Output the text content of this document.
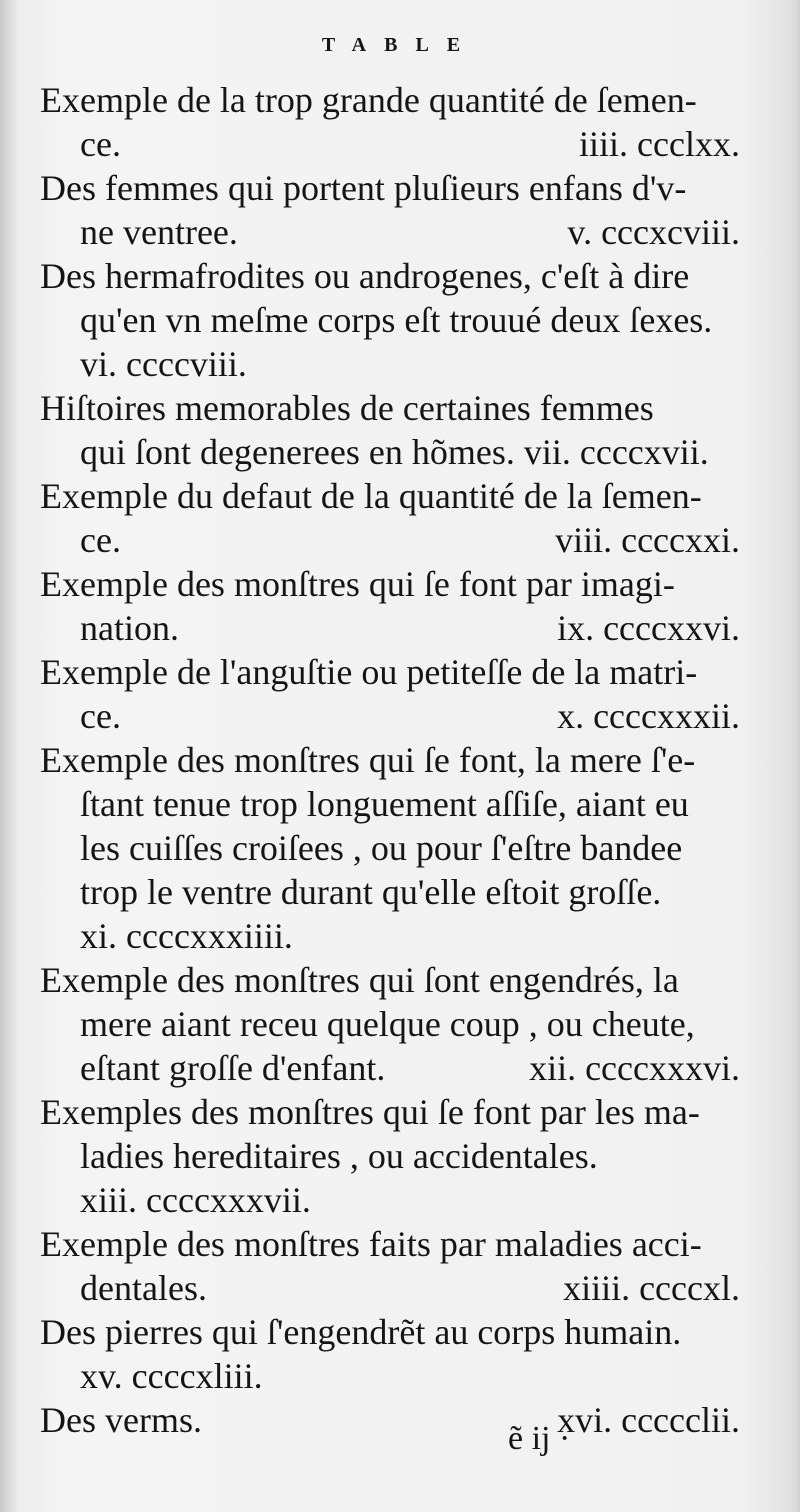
TABLE
Exemple de la trop grande quantité de ſemen-
ce.	iiii. ccclxx.
Des femmes qui portent pluſieurs enfans d'v-
ne ventree.	v. cccxcviii.
Des hermafrodites ou androgenes, c'eſt à dire
qu'en vn meſme corps eſt trouué deux ſexes.
vi. ccccviii.
Hiſtoires memorables de certaines femmes
qui ſont degenerees en hõmes. vii. ccccxvii.
Exemple du defaut de la quantité de la ſemen-
ce.	viii. ccccxxi.
Exemple des monſtres qui ſe font par imagi-
nation.	ix. ccccxxvi.
Exemple de l'anguſtie ou petiteſſe de la matri-
ce.	x. ccccxxxii.
Exemple des monſtres qui ſe font, la mere ſ'e-
ſtant tenue trop longuement aſſiſe, aiant eu
les cuiſſes croiſees , ou pour ſ'eſtre bandee
trop le ventre durant qu'elle eſtoit groſſe.
xi. ccccxxxiiii.
Exemple des monſtres qui ſont engendrés, la
mere aiant receu quelque coup , ou cheute,
eſtant groſſe d'enfant.	xii. ccccxxxvi.
Exemples des monſtres qui ſe font par les ma-
ladies hereditaires , ou accidentales.
xiii. ccccxxxvii.
Exemple des monſtres faits par maladies acci-
dentales.	xiiii. ccccxl.
Des pierres qui ſ'engendrẽt au corps humain.
xv. ccccxliii.
Des verms.	xvi. ccccclii.
ẽ ij ·
